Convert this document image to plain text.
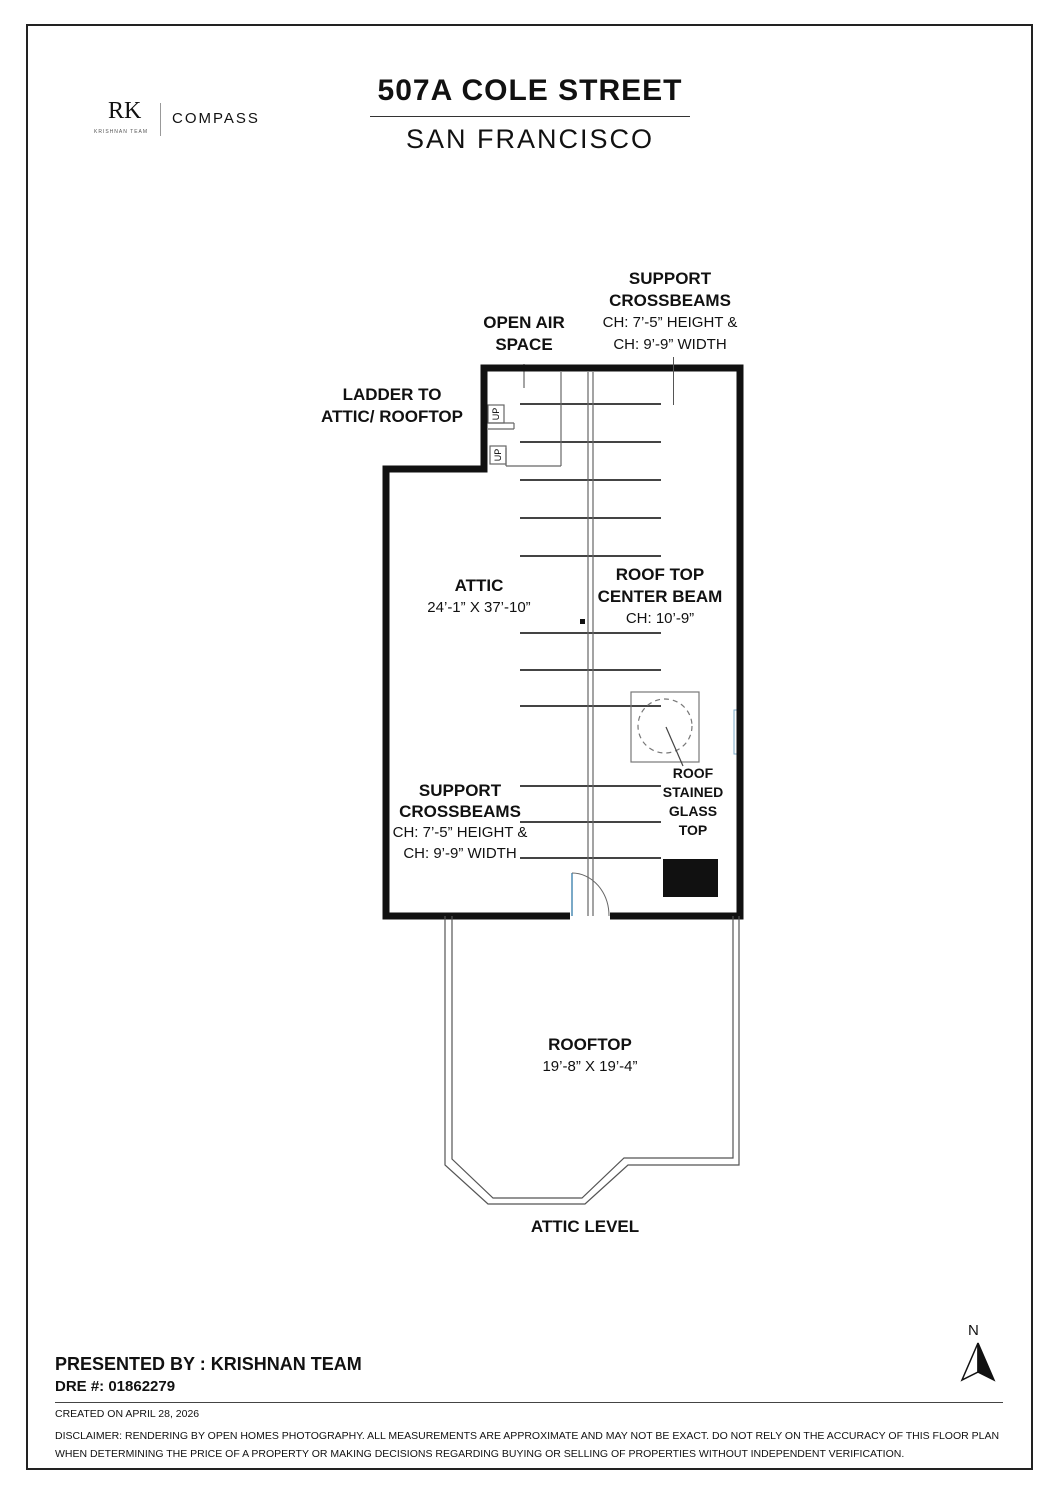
RK
KRISHNAN TEAM
COMPASS
507A COLE STREET
SAN FRANCISCO
UP
UP
SUPPORT
CROSSBEAMS
CH: 7’-5” HEIGHT &
CH: 9’-9” WIDTH
OPEN AIR
SPACE
LADDER TO
ATTIC/ ROOFTOP
ATTIC
24’-1” X 37’-10”
ROOF TOP
CENTER BEAM
CH: 10’-9”
ROOF
STAINED
GLASS
TOP
SUPPORT
CROSSBEAMS
CH: 7’-5” HEIGHT &
CH: 9’-9” WIDTH
ROOFTOP
19’-8” X 19’-4”
ATTIC LEVEL
N
PRESENTED BY : KRISHNAN TEAM
DRE #: 01862279
CREATED ON APRIL 28, 2026
DISCLAIMER: RENDERING BY OPEN HOMES PHOTOGRAPHY. ALL MEASUREMENTS ARE APPROXIMATE AND MAY NOT BE EXACT. DO NOT RELY ON THE ACCURACY OF THIS FLOOR PLAN WHEN DETERMINING THE PRICE OF A PROPERTY OR MAKING DECISIONS REGARDING BUYING OR SELLING OF PROPERTIES WITHOUT INDEPENDENT VERIFICATION.
